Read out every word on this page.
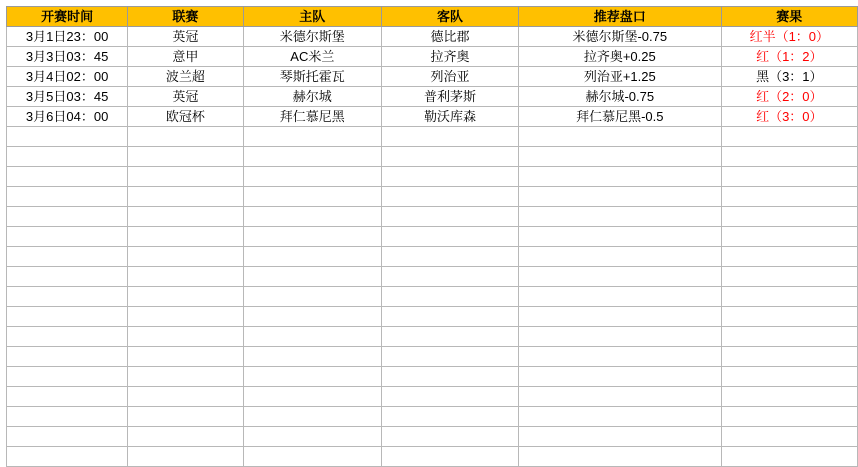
开赛时间	联赛	主队	客队	推荐盘口	赛果
3月1日23：00	英冠	米德尔斯堡	德比郡	米德尔斯堡-0.75	红半（1：0）
3月3日03：45	意甲	AC米兰	拉齐奥	拉齐奥+0.25	红（1：2）
3月4日02：00	波兰超	琴斯托霍瓦	列治亚	列治亚+1.25	黑（3：1）
3月5日03：45	英冠	赫尔城	普利茅斯	赫尔城-0.75	红（2：0）
3月6日04：00	欧冠杯	拜仁慕尼黑	勒沃库森	拜仁慕尼黑-0.5	红（3：0）
